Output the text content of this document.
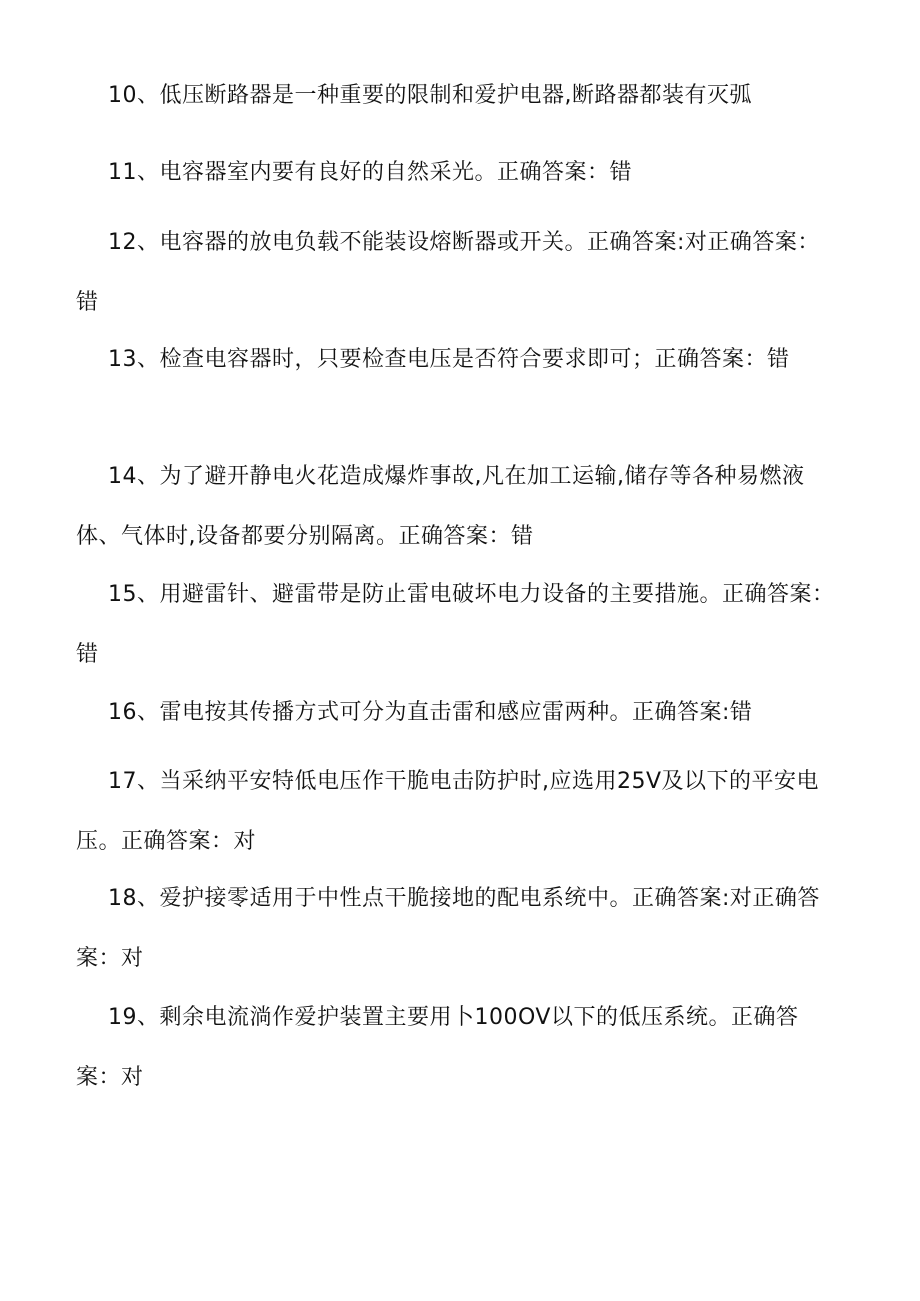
10、低压断路器是一种重要的限制和爱护电器,断路器都装有灭弧
11、电容器室内要有良好的自然采光。正确答案：错
12、电容器的放电负载不能装设熔断器或开关。正确答案:对正确答案：错
13、检查电容器时，只要检查电压是否符合要求即可；正确答案：错
14、为了避开静电火花造成爆炸事故,凡在加工运输,储存等各种易燃液体、气体时,设备都要分别隔离。正确答案：错
15、用避雷针、避雷带是防止雷电破坏电力设备的主要措施。正确答案：错
16、雷电按其传播方式可分为直击雷和感应雷两种。正确答案:错
17、当采纳平安特低电压作干脆电击防护时,应选用25V及以下的平安电压。正确答案：对
18、爱护接零适用于中性点干脆接地的配电系统中。正确答案:对正确答案：对
19、剩余电流淌作爱护装置主要用卜100OV以下的低压系统。正确答案：对
